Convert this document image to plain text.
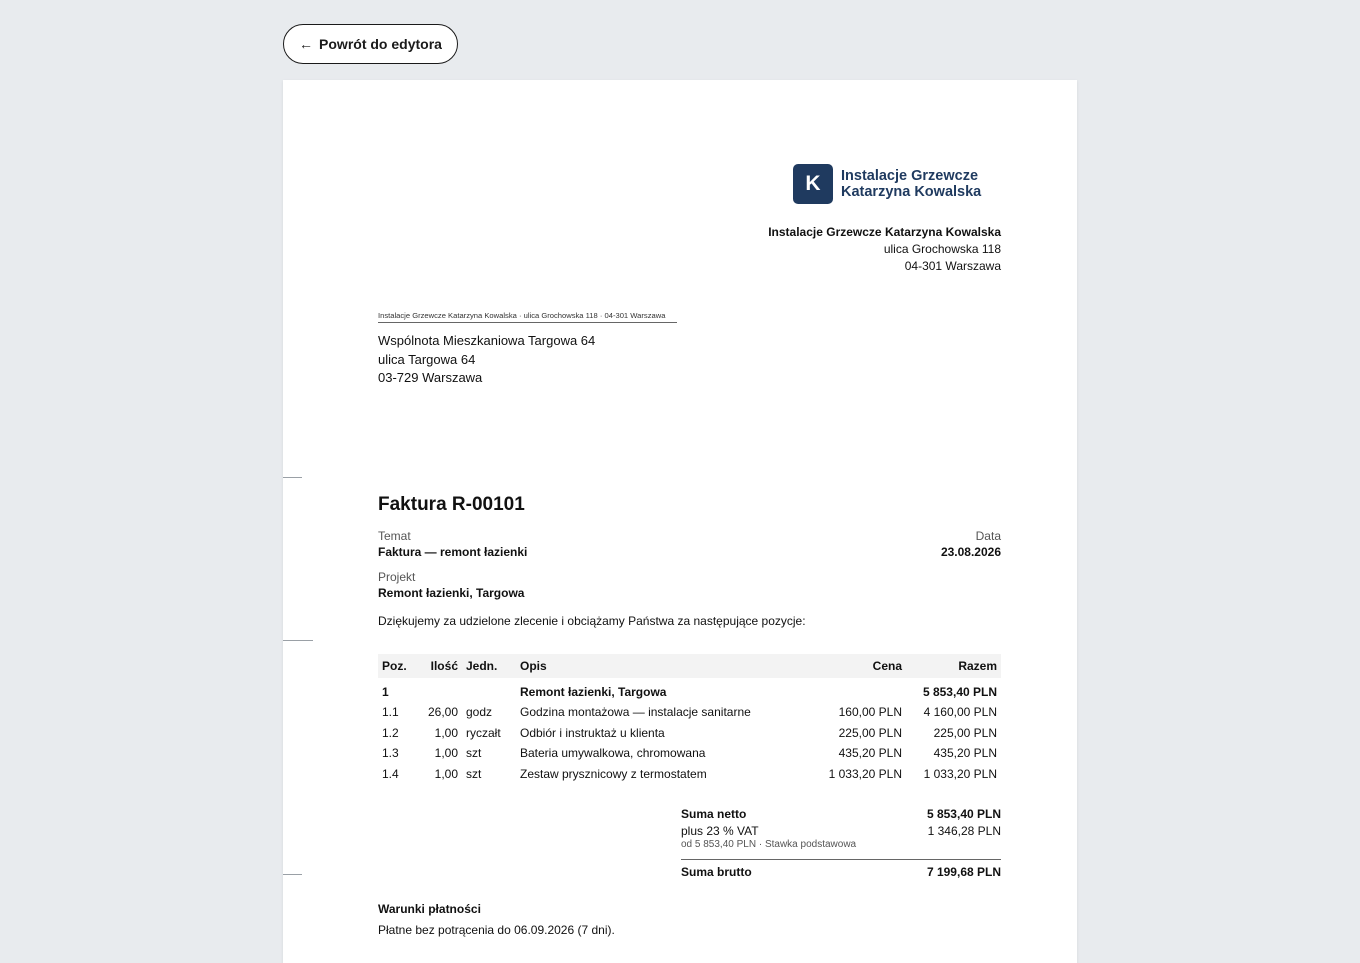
← Powrót do edytora
K	Instalacje Grzewcze
Katarzyna Kowalska
Instalacje Grzewcze Katarzyna Kowalska
ulica Grochowska 118
04-301 Warszawa
Instalacje Grzewcze Katarzyna Kowalska · ulica Grochowska 118 · 04-301 Warszawa
Wspólnota Mieszkaniowa Targowa 64
ulica Targowa 64
03-729 Warszawa
Faktura R-00101
Temat
Faktura — remont łazienki
Data
23.08.2026
Projekt
Remont łazienki, Targowa
Dziękujemy za udzielone zlecenie i obciążamy Państwa za następujące pozycje:
Poz.	Ilość	Jedn.	Opis	Cena	Razem
1			Remont łazienki, Targowa		5 853,40 PLN
1.1	26,00	godz	Godzina montażowa — instalacje sanitarne	160,00 PLN	4 160,00 PLN
1.2	1,00	ryczałt	Odbiór i instruktaż u klienta	225,00 PLN	225,00 PLN
1.3	1,00	szt	Bateria umywalkowa, chromowana	435,20 PLN	435,20 PLN
1.4	1,00	szt	Zestaw prysznicowy z termostatem	1 033,20 PLN	1 033,20 PLN
Suma netto	5 853,40 PLN
plus 23 % VAT	1 346,28 PLN
od 5 853,40 PLN · Stawka podstawowa
Suma brutto	7 199,68 PLN
Warunki płatności
Płatne bez potrącenia do 06.09.2026 (7 dni).
